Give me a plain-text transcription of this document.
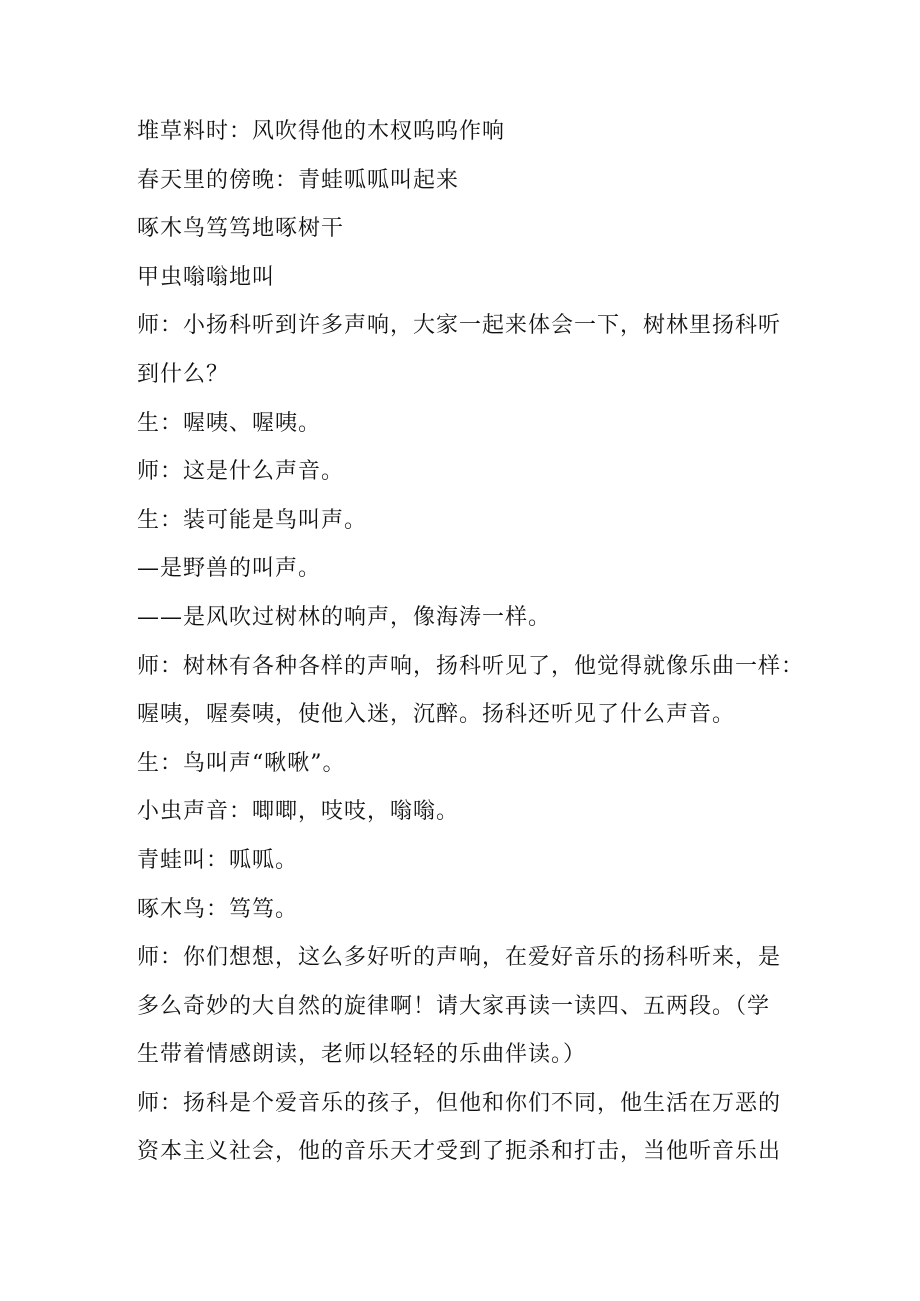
堆草料时：风吹得他的木杈呜呜作响
春天里的傍晚：青蛙呱呱叫起来
啄木鸟笃笃地啄树干
甲虫嗡嗡地叫
师：小扬科听到许多声响，大家一起来体会一下，树林里扬科听
到什么？
生：喔咦、喔咦。
师：这是什么声音。
生：装可能是鸟叫声。
—是野兽的叫声。
——是风吹过树林的响声，像海涛一样。
师：树林有各种各样的声响，扬科听见了，他觉得就像乐曲一样：
喔咦，喔奏咦，使他入迷，沉醉。扬科还听见了什么声音。
生：鸟叫声“啾啾”。
小虫声音：唧唧，吱吱，嗡嗡。
青蛙叫：呱呱。
啄木鸟：笃笃。
师：你们想想，这么多好听的声响，在爱好音乐的扬科听来，是
多么奇妙的大自然的旋律啊！请大家再读一读四、五两段。（学
生带着情感朗读，老师以轻轻的乐曲伴读。）
师：扬科是个爱音乐的孩子，但他和你们不同，他生活在万恶的
资本主义社会，他的音乐天才受到了扼杀和打击，当他听音乐出
